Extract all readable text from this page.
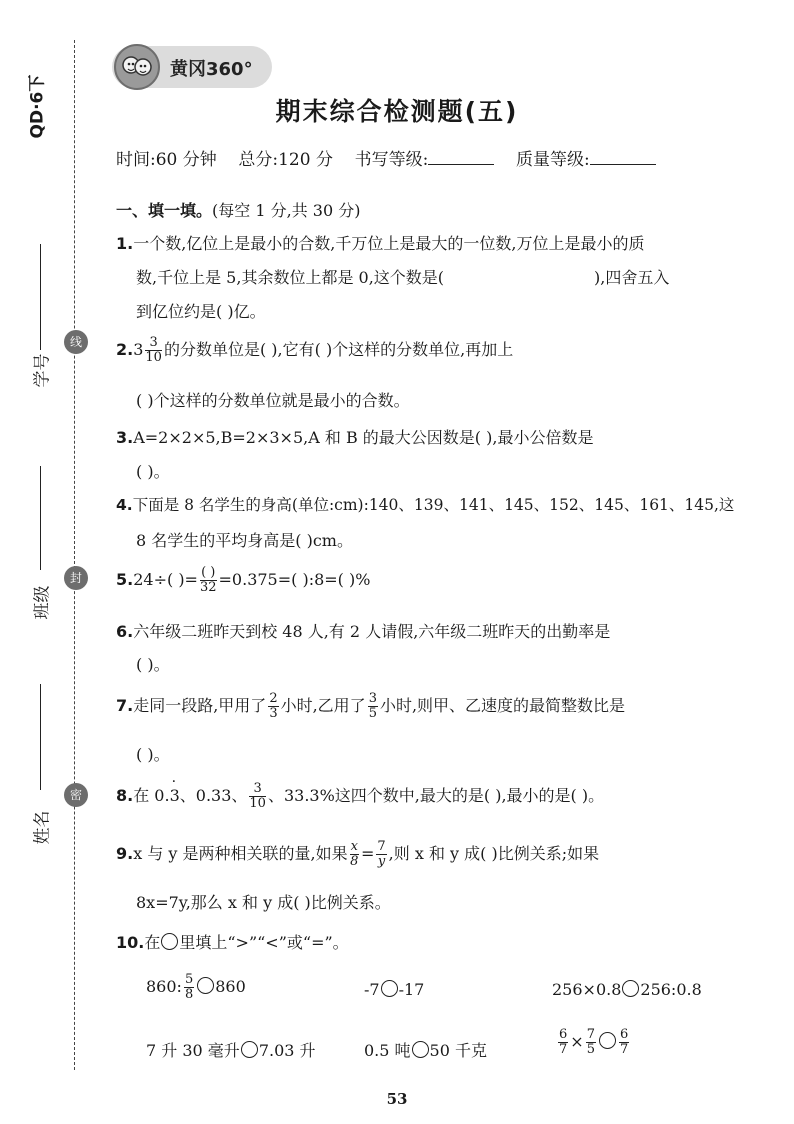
QD·6下
学号
线
班级
封
姓名
密
黄冈360°
期末综合检测题(五)
时间:60 分钟 总分:120 分 书写等级:	质量等级:
一、填一填。(每空 1 分,共 30 分)
1.一个数,亿位上是最小的合数,千万位上是最大的一位数,万位上是最小的质
数,千位上是 5,其余数位上都是 0,这个数是(	),四舍五入
到亿位约是( )亿。
$2.3 \frac{3}{10}$ 的分数单位是( ),它有( )个这样的分数单位,再加上
( )个这样的分数单位就是最小的合数。
3.A=2×2×5,B=2×3×5,A 和 B 的最大公因数是( ),最小公倍数是
( )。
4.下面是 8 名学生的身高(单位:cm):140、139、141、145、152、145、161、145,这
8 名学生的平均身高是( )cm。
5.24÷( )= $\frac{( )}{32} =0.375=$( ):8=( )%
6.六年级二班昨天到校 48 人,有 2 人请假,六年级二班昨天的出勤率是
( )。
7.走同一段路,甲用了 $\frac{2}{3}$ 小时,乙用了 $\frac{3}{5}$ 小时,则甲、乙速度的最简整数比是
( )。
8.在 0.3 ·、0.33、 $\frac{3}{10}$ 、33.3%这四个数中,最大的是( ),最小的是( )。
9.x 与 y 是两种相关联的量,如果 $\frac{x}{8} = \frac{7}{y}$ ,则 x 和 y 成( )比例关系;如果
8x=7y,那么 x 和 y 成( )比例关系。
10.在 里填上“>”“<”或“=”。
860: $\frac{5}{8} 860$	-7 -17	256×0.8 256:0.8
7 升 30 毫升 7.03 升	0.5 吨 50 千克	$\frac{6}{7} \times \frac{7}{5} \frac{6}{7}$
53
